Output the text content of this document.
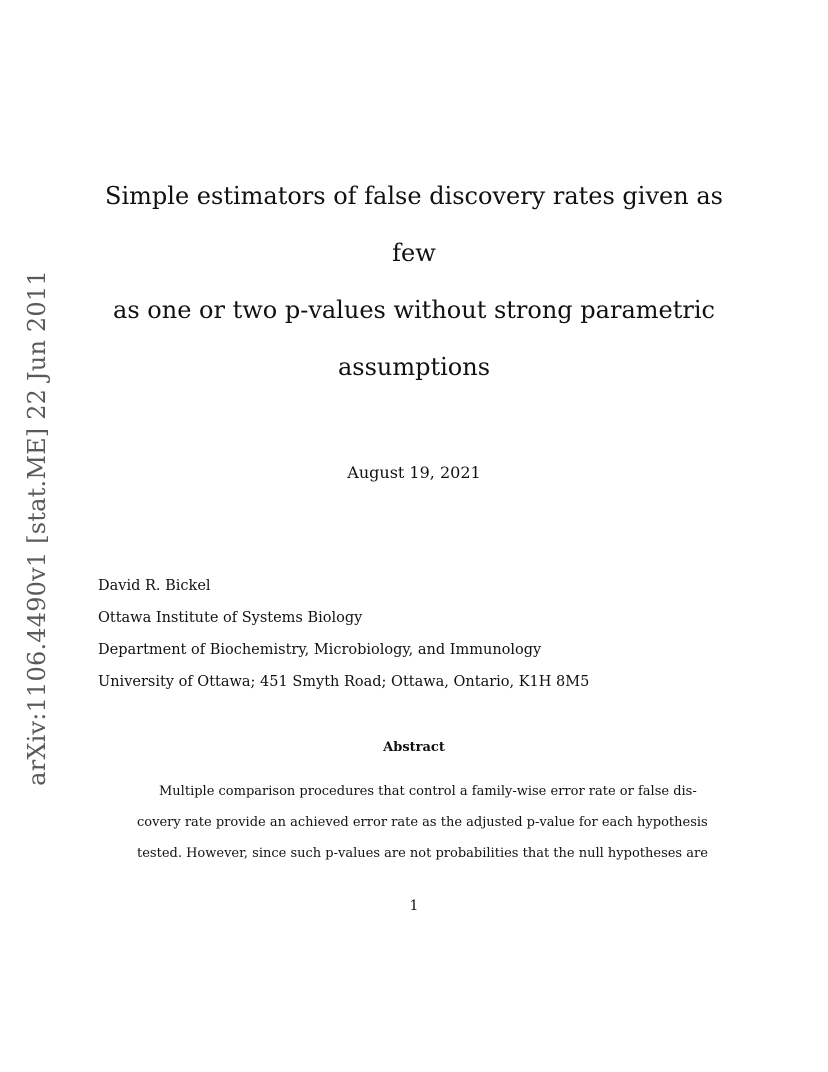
arXiv:1106.4490v1 [stat.ME] 22 Jun 2011
Simple estimators of false discovery rates given as few
as one or two p-values without strong parametric
assumptions
August 19, 2021
David R. Bickel
Ottawa Institute of Systems Biology
Department of Biochemistry, Microbiology, and Immunology
University of Ottawa; 451 Smyth Road; Ottawa, Ontario, K1H 8M5
Abstract
Multiple comparison procedures that control a family-wise error rate or false dis-
covery rate provide an achieved error rate as the adjusted p-value for each hypothesis
tested. However, since such p-values are not probabilities that the null hypotheses are
1
